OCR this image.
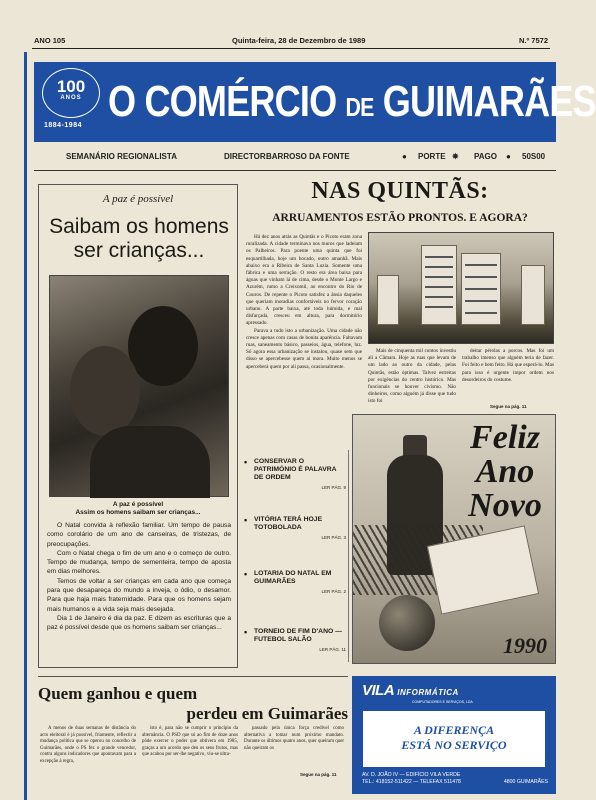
ANO 105	Quinta-feira, 28 de Dezembro de 1989	N.º 7572
100
ANOS
1884-1984 O COMÉRCIO DE GUIMARÃES
SEMANÁRIO REGIONALISTA	DIRECTOR:
BARROSO DA FONTE	● PORTE ✵ PAGO ● 50S00
A paz é possível
Saibam os homens ser crianças...
A paz é possível
Assim os homens saibam ser crianças...

O Natal convida à reflexão familiar. Um tempo de pausa como corolário de um ano de canseiras, de tristezas, de preocupações.

Com o Natal chega o fim de um ano e o começo de outro. Tempo de mudança, tempo de sementeira, tempo de aposta em dias melhores.

Temos de voltar a ser crianças em cada ano que começa para que desapareça do mundo a inveja, o ódio, o desamor. Para que haja mais fraternidade. Para que os homens sejam mais humanos e a vida seja mais desejada.

Dia 1 de Janeiro é dia da paz. E dizem as escrituras que a paz é possível desde que os homens saibam ser crianças...

NAS QUINTÃS:
ARRUAMENTOS ESTÃO PRONTOS. E AGORA?

Há dez anos atrás as Quintãs e o Picoto eram zona ruralizada. A cidade terminava nos muros que ladeiam os Palheiros. Para poente uma quinta que foi esquartilhada, hoje um bocado, outro amanhã. Mais abaixo era a Ribeira de Santa Luzia. Somente uma fábrica e uma serração. O resto era área baixa para águas que vinham lá de cima, desde o Monte Largo e Azurém, rumo a Creixomil, ao encontro do Rio de Couros. De repente o Picoto satisfez a ânsia daqueles que queriam moradias confortáveis no fervor coração urbano. A parte baixa, até toda húmida, e mal disfarçada, cresceu em altura, para dormitório apressado.

Parava a tudo isto a urbanização. Uma cidade não cresce apenas com casas de bonita aparência. Faltavam ruas, saneamento básico, passeios, água, telefone, luz. Só agora essa urbanização se instalou, quase sem que disso se apercebesse quem aí mora. Muito menos se aperceberá quem por ali passa, ocasionalmente.

Mais de cinquenta mil contos investiu ali a Câmara. Hoje as ruas que levam de um lado ao outro da cidade, pelas Quintãs, estão óptimas. Talvez estreitas por exigências do centro histórico. Mas funcionais se houver civismo. Não dinheiros, como alguém já disse que tudo isto foi

deitar pérolas a porcos. Mas foi um trabalho imenso que alguém teria de fazer. Foi feito e bem feito. Há que esperá-lo. Mas para isso é urgente impor ordem nos desordeiros do costume.

Segue na pág. 11
• CONSERVAR O PATRIMÓNIO É PALAVRA DE ORDEM
LER PÁG. 9
• VITÓRIA TERÁ HOJE TOTOBOLADA
LER PÁG. 3
• LOTARIA DO NATAL EM GUIMARÃES
LER PÁG. 2
• TORNEIO DE FIM D'ANO — FUTEBOL SALÃO
LER PÁG. 11
Feliz Ano Novo
1990
Quem ganhou e quem
perdeu em Guimarães

A menos de duas semanas de distância do acto eleitoral é já possível, friamente, reflectir a mudança política que se operou no concelho de Guimarães, onde o PS fez o grande vencedor, contra alguns indicadores que apontavam para a excepção à regra,

isto é, para não se cumprir o princípio da alternância. O PSD que só ao fim de doze anos pôde exercer o poder que obtivera em 1985, graças a um acordo que deu os seus frutos, mas que acabou por ser-lhe negativo, viu-se ultra-

passado pela única força credível como alternativa a tomar num próximo mandato. Durante os últimos quatro anos, quer queiram quer não queiram os

Segue na pág. 11
VILA INFORMÁTICA
COMPUTADORES E SERVIÇOS, LDA
A DIFERENÇA
ESTÁ NO SERVIÇO
AV. D. JOÃO IV — EDIFÍCIO VILA VERDE
TEL.: 418152-511422 — TELEFAX 511478	4800 GUIMARÃES
